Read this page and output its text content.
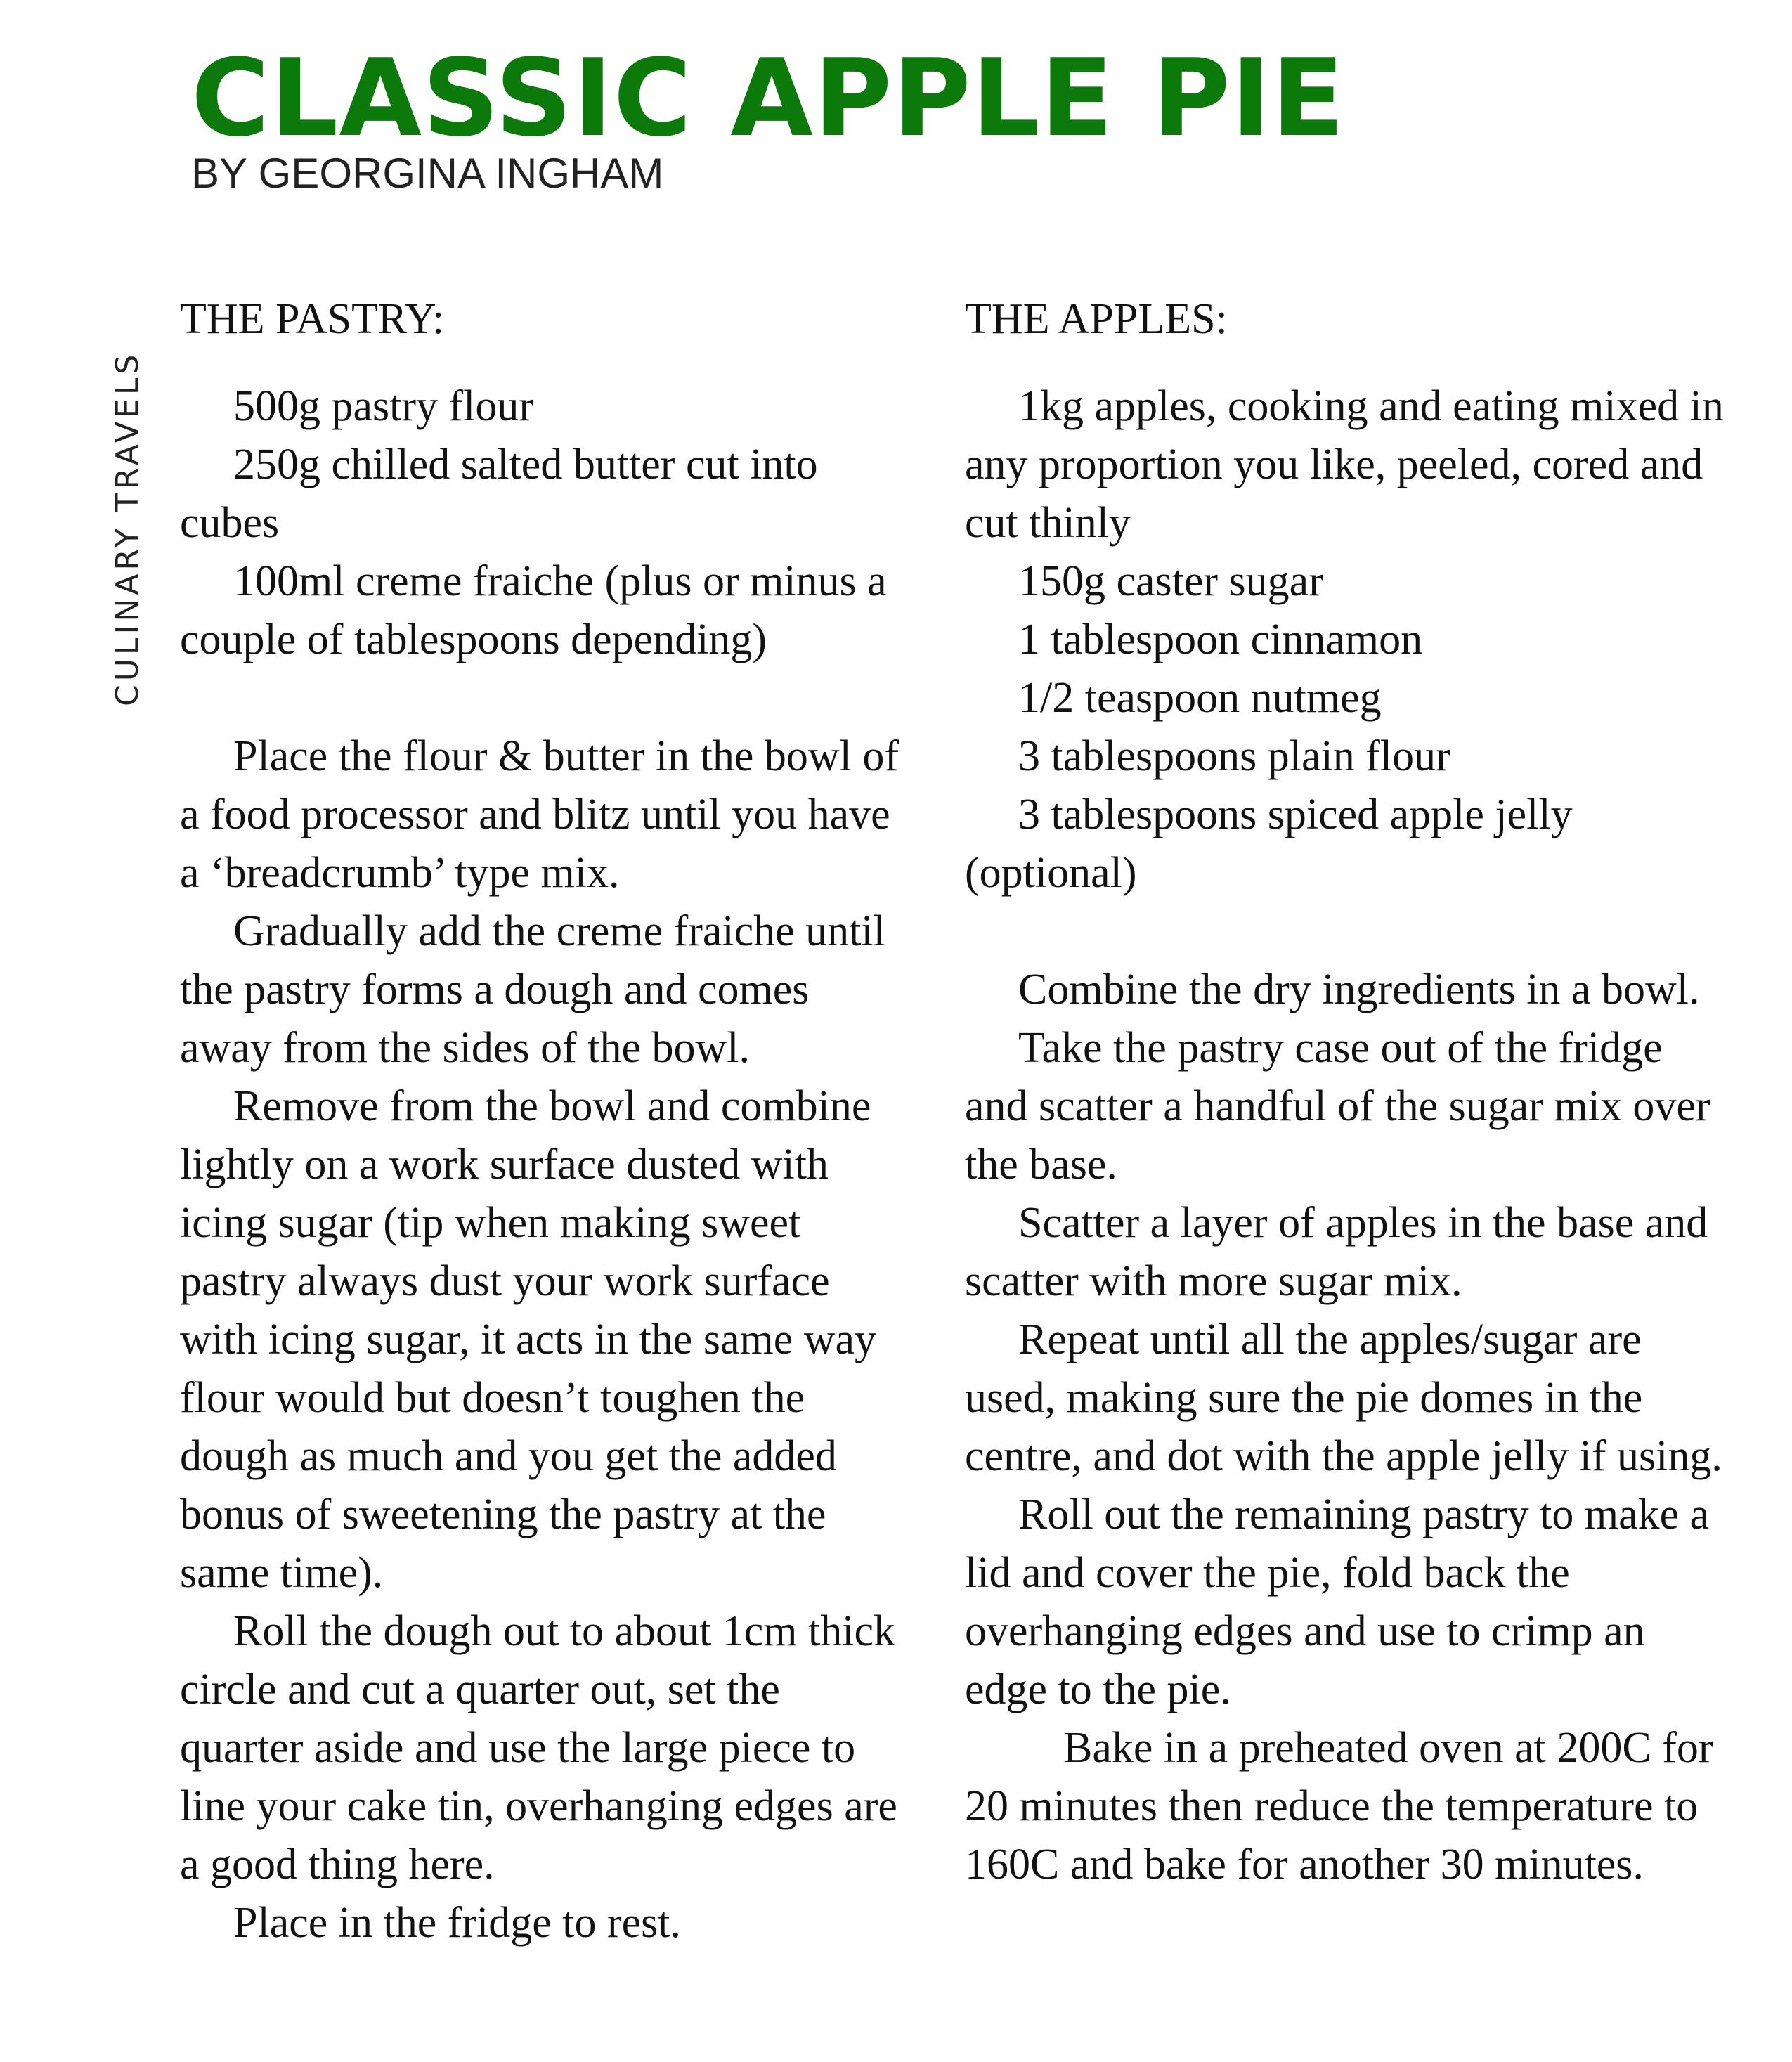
CLASSIC APPLE PIE
BY GEORGINA INGHAM
CULINARY TRAVELS
THE PASTRY:

500g pastry flour

250g chilled salted butter cut into cubes

100ml creme fraiche (plus or minus a couple of tablespoons depending)

Place the flour & butter in the bowl of a food processor and blitz until you have a ‘breadcrumb’ type mix.

Gradually add the creme fraiche until the pastry forms a dough and comes away from the sides of the bowl.

Remove from the bowl and combine lightly on a work surface dusted with icing sugar (tip when making sweet pastry always dust your work surface with icing sugar, it acts in the same way flour would but doesn’t toughen the dough as much and you get the added bonus of sweetening the pastry at the same time).

Roll the dough out to about 1cm thick circle and cut a quarter out, set the quarter aside and use the large piece to line your cake tin, overhanging edges are a good thing here.

Place in the fridge to rest.

THE APPLES:

1kg apples, cooking and eating mixed in any proportion you like, peeled, cored and cut thinly

150g caster sugar

1 tablespoon cinnamon

1/2 teaspoon nutmeg

3 tablespoons plain flour

3 tablespoons spiced apple jelly (optional)

Combine the dry ingredients in a bowl.

Take the pastry case out of the fridge and scatter a handful of the sugar mix over the base.

Scatter a layer of apples in the base and scatter with more sugar mix.

Repeat until all the apples/sugar are used, making sure the pie domes in the centre, and dot with the apple jelly if using.

Roll out the remaining pastry to make a lid and cover the pie, fold back the overhanging edges and use to crimp an edge to the pie.

Bake in a preheated oven at 200C for 20 minutes then reduce the temperature to 160C and bake for another 30 minutes.
